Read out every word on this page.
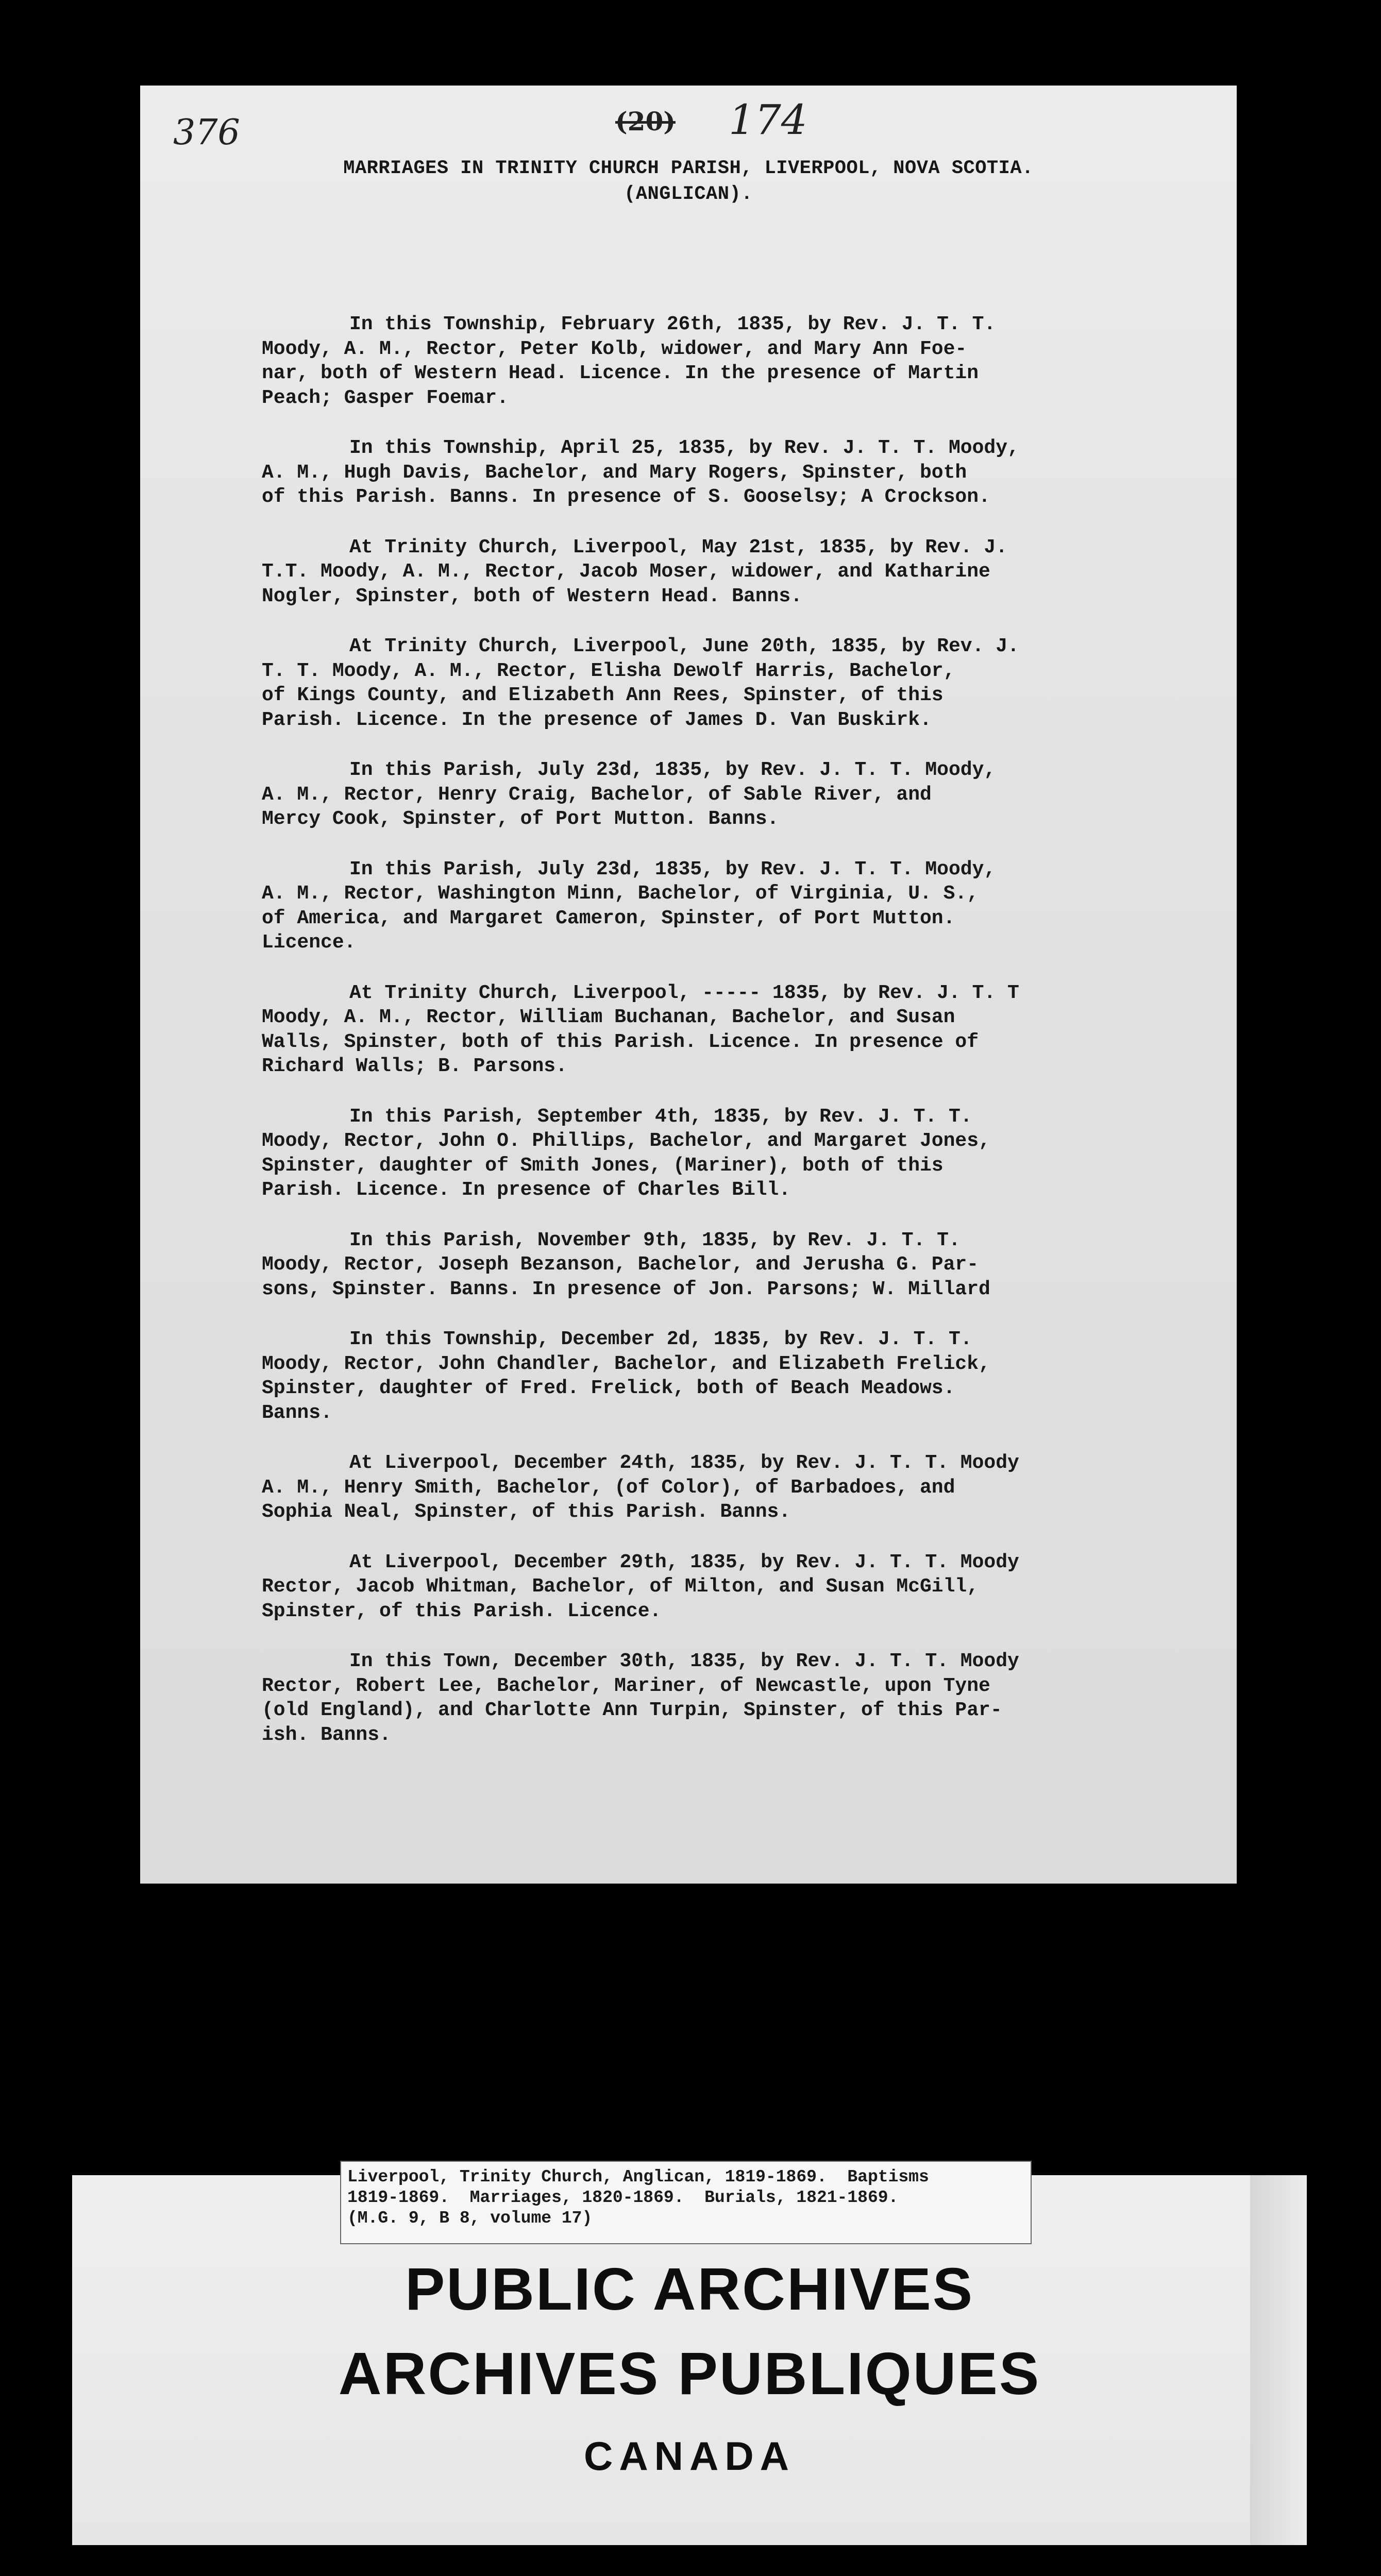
376	(20) 174
MARRIAGES IN TRINITY CHURCH PARISH, LIVERPOOL, NOVA SCOTIA.
(ANGLICAN).
In this Township, February 26th, 1835, by Rev. J. T. T.
Moody, A. M., Rector, Peter Kolb, widower, and Mary Ann Foe-
nar, both of Western Head. Licence. In the presence of Martin
Peach; Gasper Foemar.
In this Township, April 25, 1835, by Rev. J. T. T. Moody,
A. M., Hugh Davis, Bachelor, and Mary Rogers, Spinster, both
of this Parish. Banns. In presence of S. Gooselsy; A Crockson.
At Trinity Church, Liverpool, May 21st, 1835, by Rev. J.
T.T. Moody, A. M., Rector, Jacob Moser, widower, and Katharine
Nogler, Spinster, both of Western Head. Banns.
At Trinity Church, Liverpool, June 20th, 1835, by Rev. J.
T. T. Moody, A. M., Rector, Elisha Dewolf Harris, Bachelor,
of Kings County, and Elizabeth Ann Rees, Spinster, of this
Parish. Licence. In the presence of James D. Van Buskirk.
In this Parish, July 23d, 1835, by Rev. J. T. T. Moody,
A. M., Rector, Henry Craig, Bachelor, of Sable River, and
Mercy Cook, Spinster, of Port Mutton. Banns.
In this Parish, July 23d, 1835, by Rev. J. T. T. Moody,
A. M., Rector, Washington Minn, Bachelor, of Virginia, U. S.,
of America, and Margaret Cameron, Spinster, of Port Mutton.
Licence.
At Trinity Church, Liverpool, ----- 1835, by Rev. J. T. T
Moody, A. M., Rector, William Buchanan, Bachelor, and Susan
Walls, Spinster, both of this Parish. Licence. In presence of
Richard Walls; B. Parsons.
In this Parish, September 4th, 1835, by Rev. J. T. T.
Moody, Rector, John O. Phillips, Bachelor, and Margaret Jones,
Spinster, daughter of Smith Jones, (Mariner), both of this
Parish. Licence. In presence of Charles Bill.
In this Parish, November 9th, 1835, by Rev. J. T. T.
Moody, Rector, Joseph Bezanson, Bachelor, and Jerusha G. Par-
sons, Spinster. Banns. In presence of Jon. Parsons; W. Millard
In this Township, December 2d, 1835, by Rev. J. T. T.
Moody, Rector, John Chandler, Bachelor, and Elizabeth Frelick,
Spinster, daughter of Fred. Frelick, both of Beach Meadows.
Banns.
At Liverpool, December 24th, 1835, by Rev. J. T. T. Moody
A. M., Henry Smith, Bachelor, (of Color), of Barbadoes, and
Sophia Neal, Spinster, of this Parish. Banns.
At Liverpool, December 29th, 1835, by Rev. J. T. T. Moody
Rector, Jacob Whitman, Bachelor, of Milton, and Susan McGill,
Spinster, of this Parish. Licence.
In this Town, December 30th, 1835, by Rev. J. T. T. Moody
Rector, Robert Lee, Bachelor, Mariner, of Newcastle, upon Tyne
(old England), and Charlotte Ann Turpin, Spinster, of this Par-
ish. Banns.
Liverpool, Trinity Church, Anglican, 1819-1869.  Baptisms
1819-1869.  Marriages, 1820-1869.  Burials, 1821-1869.
(M.G. 9, B 8, volume 17)
PUBLIC ARCHIVES
ARCHIVES PUBLIQUES
CANADA
